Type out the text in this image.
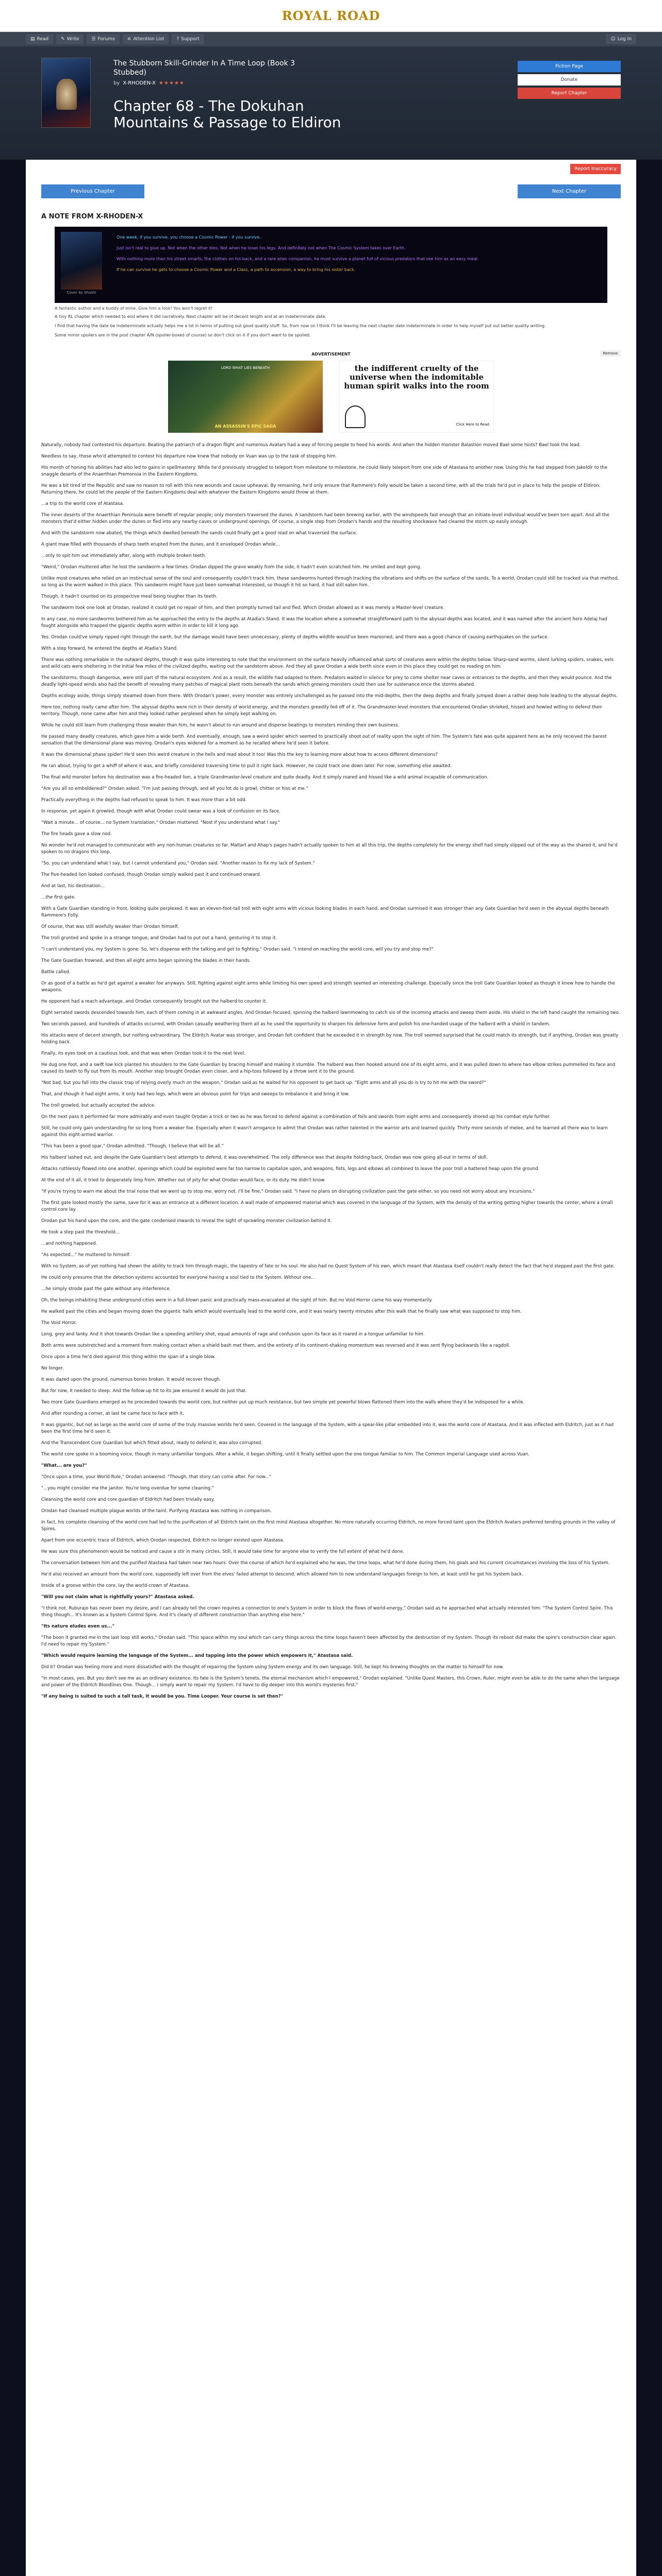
ROYAL ROAD
▤ Read	✎ Write	☰ Forums	≡ Attention List	? Support	☺ Log In
The Stubborn Skill-Grinder In A Time Loop (Book 3 Stubbed)
by X-RHODEN-X ★★★★★
Chapter 68 - The Dokuhan Mountains & Passage to Eldiron
Fiction Page
Donate
Report Chapter
Report Inaccuracy
Previous Chapter	Next Chapter
A NOTE FROM X-RHODEN-X
Cover by Shashi

One week, if you survive, you choose a Cosmic Power - if you survive.

Just isn't real to give up. Not when the other dies. Not when he loses his legs. And definitely not when The Cosmic System takes over Earth.

With nothing more than his street smarts, the clothes on his back, and a rare alien companion, he must survive a planet full of vicious predators that see him as an easy meal.

If he can survive he gets to choose a Cosmic Power and a Class, a path to ascension, a way to bring his sister back.

A fantastic author and a buddy of mine. Give him a look! You won't regret it!
A tiny RL chapter which needed to end where it did narratively. Next chapter will be of decent length and at an indeterminate date.
I find that having the date be indeterminate actually helps me a lot in terms of putting out good quality stuff. So, from now on I think I'll be leaving the next chapter date indeterminate in order to help myself put out better quality writing.
Some minor spoilers are in the post chapter A/N (spoiler-boxed of course) so don't click on it if you don't want to be spoiled.
ADVERTISEMENT	Remove
LORD WHAT LIES BENEATH
AN ASSASSIN'S EPIC SAGA
the indifferent cruelty of the universe when the indomitable human spirit walks into the room
Click Here to Read

Naturally, nobody had contested his departure. Beating the patriarch of a dragon flight and numerous Avatars had a way of forcing people to heed his words. And when the hidden monster Balastion moved Bael some hints? Bael took the lead.

Needless to say, those who'd attempted to contest his departure now knew that nobody on Vuan was up to the task of stopping him.

His month of honing his abilities had also led to gains in spellmastery. While he'd previously struggled to teleport from milestone to milestone, he could likely teleport from one side of Atastasa to another now. Using this he had stepped from Jakeldir to the snaggle deserts of the Anaerthian Premonsia in the Eastern Kingdoms.

He was a bit tired of the Republic and saw no reason to roll with this new wounds and cause upheaval. By remaining, he'd only ensure that Rammere's Folly would be taken a second time, with all the trials he'd put in place to help the people of Eldiron. Returning there, he could let the people of the Eastern Kingdoms deal with whatever the Eastern Kingdoms would throw at them.

...a trip to the world core of Atastasa.

The inner deserts of the Anaerthian Peninsula were benefit of regular people; only monsters traversed the dunes. A sandstorm had been brewing earlier, with the windspeeds fast enough that an initiate-level individual would've been torn apart. And all the monsters that'd either hidden under the dunes or fled into any nearby caves or underground openings. Of course, a single step from Orodan's hands and the resulting shockwave had cleared the storm up easily enough.

And with the sandstorm now abated, the things which dwelled beneath the sands could finally get a good read on what traversed the surface.

A giant maw filled with thousands of sharp teeth erupted from the dunes, and it enveloped Orodan whole...

...only to spit him out immediately after, along with multiple broken teeth.

"Weird," Orodan muttered after he lost the sandworm a few times. Orodan dipped the grave weakly from the side, it hadn't even scratched him. He smiled and kept going.

Unlike most creatures who relied on an instinctual sense of the soul and consequently couldn't track him, these sandworms hunted through tracking the vibrations and shifts on the surface of the sands. To a world, Orodan could still be tracked via that method, so long as the worm walked in this place. This sandworm might have just been somewhat interested, so though it hit so hard, it had still eaten him.

Though, it hadn't counted on its prospective meal being tougher than its teeth.

The sandworm took one look at Orodan, realized it could get no repair of him, and then promptly turned tail and fled. Which Orodan allowed as it was merely a Master-level creature.

In any case, no more sandworms bothered him as he approached the entry to the depths at Atadia's Stand. It was the location where a somewhat straightforward path to the abyssal depths was located, and it was named after the ancient hero Adelaj had fought alongside who trapped the gigantic depths worm within in order to kill it long ago.

Yes. Orodan could've simply ripped right through the earth, but the damage would have been unnecessary, plenty of depths wildlife would've been marooned, and there was a good chance of causing earthquakes on the surface.

With a step forward, he entered the depths at Atadia's Stand.

There was nothing remarkable in the outward depths, though it was quite interesting to note that the environment on the surface heavily influenced what sorts of creatures were within the depths below. Sharp-sand worms, silent lurking spiders, snakes, eels and wild cats were sheltering in the initial few miles of the civilized depths, waiting out the sandstorm above. And they all gave Orodan a wide berth since even in this place they could get no reading on him.

The sandstorms, though dangerous, were still part of the natural ecosystem. And as a result, the wildlife had adapted to them. Predators waited in silence for prey to come shelter near caves or entrances to the depths, and then they would pounce. And the deadly light-speed winds also had the benefit of revealing many patches of magical plant roots beneath the sands which growing monsters could then use for sustenance once the storms abated.

Depths ecology aside, things simply steamed down from there. With Orodan's power, every monster was entirely unchallenged as he passed into the mid-depths, then the deep depths and finally jumped down a rather deep hole leading to the abyssal depths.

Here too, nothing really came after him. The abyssal depths were rich in their density of world energy, and the monsters greedily fed off of it. The Grandmaster-level monsters that encountered Orodan shrieked, hissed and howled willing to defend their territory. Though, none came after him and they looked rather perplexed when he simply kept walking on.

While he could still learn from challenging those weaker than him, he wasn't about to run around and disperse beatings to monsters minding their own business.

He passed many deadly creatures, which gave him a wide berth. And eventually, enough, saw a weird spider which seemed to practically shoot out of reality upon the sight of him. The System's fate was quite apparent here as he only received the barest sensation that the dimensional plane was moving. Orodan's eyes widened for a moment as he recalled where he'd seen it before.

It was the dimensional phase spider! He'd seen this weird creature in the hells and read about it too! Was this the key to learning more about how to access different dimensions?

He ran about, trying to get a whiff of where it was, and briefly considered traversing time to pull it right back. However, he could track one down later. For now, something else awaited.

The final wild monster before his destination was a fire-headed lion, a triple Grandmaster-level creature and quite deadly. And it simply roared and hissed like a wild animal incapable of communication.

"Are you all so emboldened?" Orodan asked. "I'm just passing through, and all you lot do is growl, chitter or hiss at me."

Practically everything in the depths had refused to speak to him. It was more than a bit odd.

In response, yet again it growled, though with what Orodan could swear was a look of confusion on its face.

"Wait a minute... of course... no System translation," Orodan muttered. "Nost if you understand what I say."

The fire heads gave a slow nod.

No wonder he'd not managed to communicate with any non-human creatures so far. Maltart and Ahap's pages hadn't actually spoken to him at all this trip, the depths completely for the energy shelf had simply slipped out of the way as the shared it, and he'd spoken to no dragons this loop.

"So, you can understand what I say, but I cannot understand you," Orodan said. "Another reason to fix my lack of System."

The five-headed lion looked confused, though Orodan simply walked past it and continued onward.

And at last, his destination...

...the first gate.

With a Gate Guardian standing in front, looking quite perplexed. It was an eleven-foot-tall troll with eight arms with vicious looking blades in each hand, and Orodan surmised it was stronger than any Gate Guardian he'd seen in the abyssal depths beneath Rammere's Folly.

Of course, that was still woefully weaker than Orodan himself.

The troll grunted and spoke in a strange tongue, and Orodan had to put out a hand, gesturing it to stop it.

"I can't understand you, my System is gone. So, let's dispense with the talking and get to fighting," Orodan said. "I intend on reaching the world core, will you try and stop me?"

The Gate Guardian frowned, and then all eight arms began spinning the blades in their hands.

Battle called.

Or as good of a battle as he'd get against a weaker foe anyways. Still, fighting against eight arms while limiting his own speed and strength seemed an interesting challenge. Especially since the troll Gate Guardian looked as though it knew how to handle the weapons.

He opponent had a reach advantage, and Orodan consequently brought out the halberd to counter it.

Eight serrated swords descended towards him, each of them coming in at awkward angles. And Orodan focused, spinning the halberd lawnmowing to catch six of the incoming attacks and sweep them aside. His shield in the left hand caught the remaining two.

Two seconds passed, and hundreds of attacks occurred, with Orodan casually weathering them all as he used the opportunity to sharpen his defensive form and polish his one-handed usage of the halberd with a shield in tandem.

His attacks were of decent strength, but nothing extraordinary. The Eldritch Avatar was stronger, and Orodan felt confident that he exceeded it in strength by now. The troll seemed surprised that he could match its strength, but if anything, Orodan was greatly holding back.

Finally, its eyes took on a cautious look, and that was when Orodan took it to the next level.

He dug one foot, and a swift low kick planted his shoulders to the Gate Guardian by bracing himself and making it stumble. The halberd was then hooked around one of its eight arms, and it was pulled down to where two elbow strikes pummelled its face and caused its teeth to fly out from its mouth. Another step brought Orodan even closer, and a hip-toss followed by a throw sent it to the ground.

"Not bad, but you fall into the classic trap of relying overly much on the weapon," Orodan said as he waited for his opponent to get back up. "Eight arms and all you do is try to hit me with the sword?"

That, and though it had eight arms, it only had two legs, which were an obvious point for trips and sweeps to imbalance it and bring it low.

The troll growled, but actually accepted the advice.

On the next pass it performed far more admirably and even taught Orodan a trick or two as he was forced to defend against a combination of foils and swords from eight arms and consequently shored up his combat style further.

Still, he could only gain understanding for so long from a weaker foe. Especially when it wasn't arrogance to admit that Orodan was rather talented in the warrior arts and learned quickly. Thirty more seconds of melee, and he learned all there was to learn against this eight-armed warrior.

"This has been a good spar," Orodan admitted. "Though, I believe that will be all."

His halberd lashed out, and despite the Gate Guardian's best attempts to defend, it was overwhelmed. The only difference was that despite holding back, Orodan was now going all-out in terms of skill.

Attacks ruthlessly flowed into one another, openings which could be exploited were far too narrow to capitalize upon, and weapons, fists, legs and elbows all combined to leave the poor troll a battered heap upon the ground.

At the end of it all, it tried to desperately limp from. Whether out of pity for what Orodan would face, or its duty. He didn't know.

"If you're trying to warn me about the trial noise that we went up to stop me, worry not. I'll be fine," Orodan said. "I have no plans on disrupting civilization past the gate either, so you need not worry about any incursions."

The first gate looked mostly the same, save for it was an entrance at a different location. A wall made of empowered material which was covered in the language of the System, with the density of the writing getting higher towards the center, where a small control core lay.

Orodan put his hand upon the core, and the gate condensed inwards to reveal the sight of sprawling monster civilization behind it.

He took a step past the threshold...

...and nothing happened.

"As expected..." he muttered to himself.

With no System, as of yet nothing had shown the ability to track him through magic, the tapestry of fate or his soul. He also had no Quest System of his own, which meant that Atastasa itself couldn't really detect the fact that he'd stepped past the first gate.

He could only presume that the detection systems accounted for everyone having a soul tied to the System. Without one...

...he simply strode past the gate without any interference.

Oh, the beings inhabiting these underground cities were in a full-blown panic and practically mass-evacuated at the sight of him. But no Void Horror came his way momentarily.

He walked past the cities and began moving down the gigantic halls which would eventually lead to the world core, and it was nearly twenty minutes after this walk that he finally saw what was supposed to stop him.

The Void Horror.

Long, grey and lanky. And it shot towards Orodan like a speeding artillery shot, equal amounts of rage and confusion upon its face as it roared in a tongue unfamiliar to him.

Both arms were outstretched and a moment from making contact when a shield bash met them, and the entirety of its continent-shaking momentum was reversed and it was sent flying backwards like a ragdoll.

Once upon a time he'd died against this thing within the span of a single blow.

No longer.

It was dazed upon the ground, numerous bones broken. It would recover though.

But for now, it needed to sleep. And the follow-up hit to its jaw ensured it would do just that.

Two more Gate Guardians emerged as he proceeded towards the world core, but neither put up much resistance, but two simple yet powerful blows flattened them into the walls where they'd be indisposed for a while.

And after rounding a corner, at last he came face to face with it.

It was gigantic, but not as large as the world core of some of the truly massive worlds he'd seen. Covered in the language of the System, with a spear-like pillar embedded into it, was the world core of Atastasa. And it was inflected with Eldritch, just as it had been the first time he'd seen it.

And the Transcendent Core Guardian but which fitted about, ready to defend it, was also corrupted.

The world core spoke in a booming voice, though in many unfamiliar tongues. After a while, it began shifting, until it finally settled upon the one tongue familiar to him. The Common Imperial Language used across Vuan.

"What... are you?"

"Once upon a time, your World Rule," Orodan answered. "Though, that story can come after. For now..."

"...you might consider me the janitor. You're long overdue for some cleaning."

Cleansing the world core and core guardian of Eldritch had been trivially easy.

Orodan had cleansed multiple plague worlds of the taint. Purifying Atastasa was nothing in comparison.

In fact, his complete cleansing of the world core had led to the purification of all Eldritch taint on the first mind Atastasa altogether. No more naturally occurring Eldritch, no more forced taint upon the Eldritch Avatars preferred tending grounds in the valley of Spires.

Apart from one eccentric trace of Eldritch, which Orodan respected, Eldritch no longer existed upon Atastasa.

He was sure this phenomenon would be noticed and cause a stir in many circles. Still, it would take time for anyone else to verify the full extent of what he'd done.

The conversation between him and the purified Atastasa had taken near two hours. Over the course of which he'd explained who he was, the time loops, what he'd done during them, his goals and his current circumstances involving the loss of his System.

He'd also received an amount from the world core, supposedly left over from the elves' failed attempt to descend, which allowed him to now understand languages foreign to him, at least until he got his System back.

Inside of a groove within the core, lay the world-crown of Atastasa.

"Will you not claim what is rightfully yours?" Atastasa asked.

"I think not. Ruburajo has never been my desire, and I can already tell the crown requires a connection to one's System in order to block the flows of world-energy," Orodan said as he approached what actually interested him. "The System Control Spire. This thing though... It's known as a System Control Spire. And it's clearly of different construction than anything else here."

"Its nature eludes even us..."

"The boon it granted me in the last loop still works," Orodan said. "This space within my soul which can carry things across the time loops haven't been affected by the destruction of my System. Though its reboot did make the spire's construction clear again. I'd need to repair my System."

"Which would require learning the language of the System... and tapping into the power which empowers it," Atastasa said.

Did it? Orodan was feeling more and more dissatisfied with the thought of repairing the System using System energy and its own language. Still, he kept his brewing thoughts on the matter to himself for now.

"In most cases, yes. But you don't see me as an ordinary existence. Its fate is the System's tenets, the eternal mechanism which I empowered," Orodan explained. "Unlike Quest Masters, this Crown, Ruler, might even be able to do the same when the language and power of the Eldritch Bloodlines One. Though... I simply want to repair my System. I'd have to dig deeper into this world's mysteries first."

"If any being is suited to such a tall task, it would be you. Time Looper. Your course is set then?"
